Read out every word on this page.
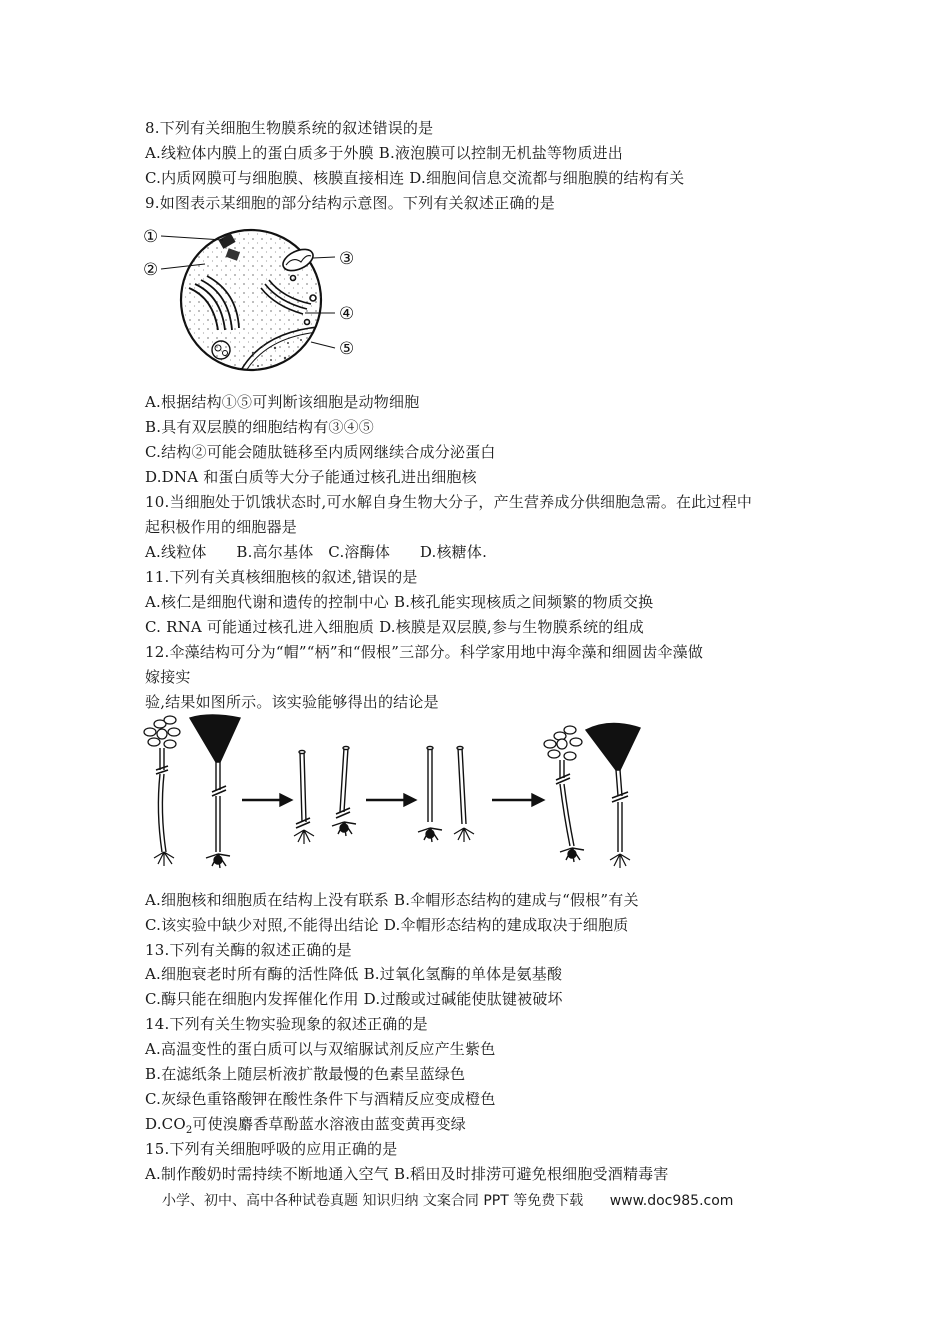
8.下列有关细胞生物膜系统的叙述错误的是
A.线粒体内膜上的蛋白质多于外膜 B.液泡膜可以控制无机盐等物质进出
C.内质网膜可与细胞膜、核膜直接相连 D.细胞间信息交流都与细胞膜的结构有关
9.如图表示某细胞的部分结构示意图。下列有关叙述正确的是
①
②
③
④
⑤
A.根据结构①⑤可判断该细胞是动物细胞
B.具有双层膜的细胞结构有③④⑤
C.结构②可能会随肽链移至内质网继续合成分泌蛋白
D.DNA 和蛋白质等大分子能通过核孔进出细胞核
10.当细胞处于饥饿状态时,可水解自身生物大分子，产生营养成分供细胞急需。在此过程中
起积极作用的细胞器是
A.线粒体      B.高尔基体   C.溶酶体      D.核糖体.
11.下列有关真核细胞核的叙述,错误的是
A.核仁是细胞代谢和遗传的控制中心 B.核孔能实现核质之间频繁的物质交换
C. RNA 可能通过核孔进入细胞质 D.核膜是双层膜,参与生物膜系统的组成
12.伞藻结构可分为“帽”“柄”和“假根”三部分。科学家用地中海伞藻和细圆齿伞藻做
嫁接实
验,结果如图所示。该实验能够得出的结论是
A.细胞核和细胞质在结构上没有联系 B.伞帽形态结构的建成与“假根”有关
C.该实验中缺少对照,不能得出结论 D.伞帽形态结构的建成取决于细胞质
13.下列有关酶的叙述正确的是
A.细胞衰老时所有酶的活性降低 B.过氧化氢酶的单体是氨基酸
C.酶只能在细胞内发挥催化作用 D.过酸或过碱能使肽键被破坏
14.下列有关生物实验现象的叙述正确的是
A.高温变性的蛋白质可以与双缩脲试剂反应产生紫色
B.在滤纸条上随层析液扩散最慢的色素呈蓝绿色
C.灰绿色重铬酸钾在酸性条件下与酒精反应变成橙色
$D.CO_2$可使溴麝香草酚蓝水溶液由蓝变黄再变绿
15.下列有关细胞呼吸的应用正确的是
A.制作酸奶时需持续不断地通入空气 B.稻田及时排涝可避免根细胞受酒精毒害
小学、初中、高中各种试卷真题 知识归纳 文案合同 PPT 等免费下载 www.doc985.com
